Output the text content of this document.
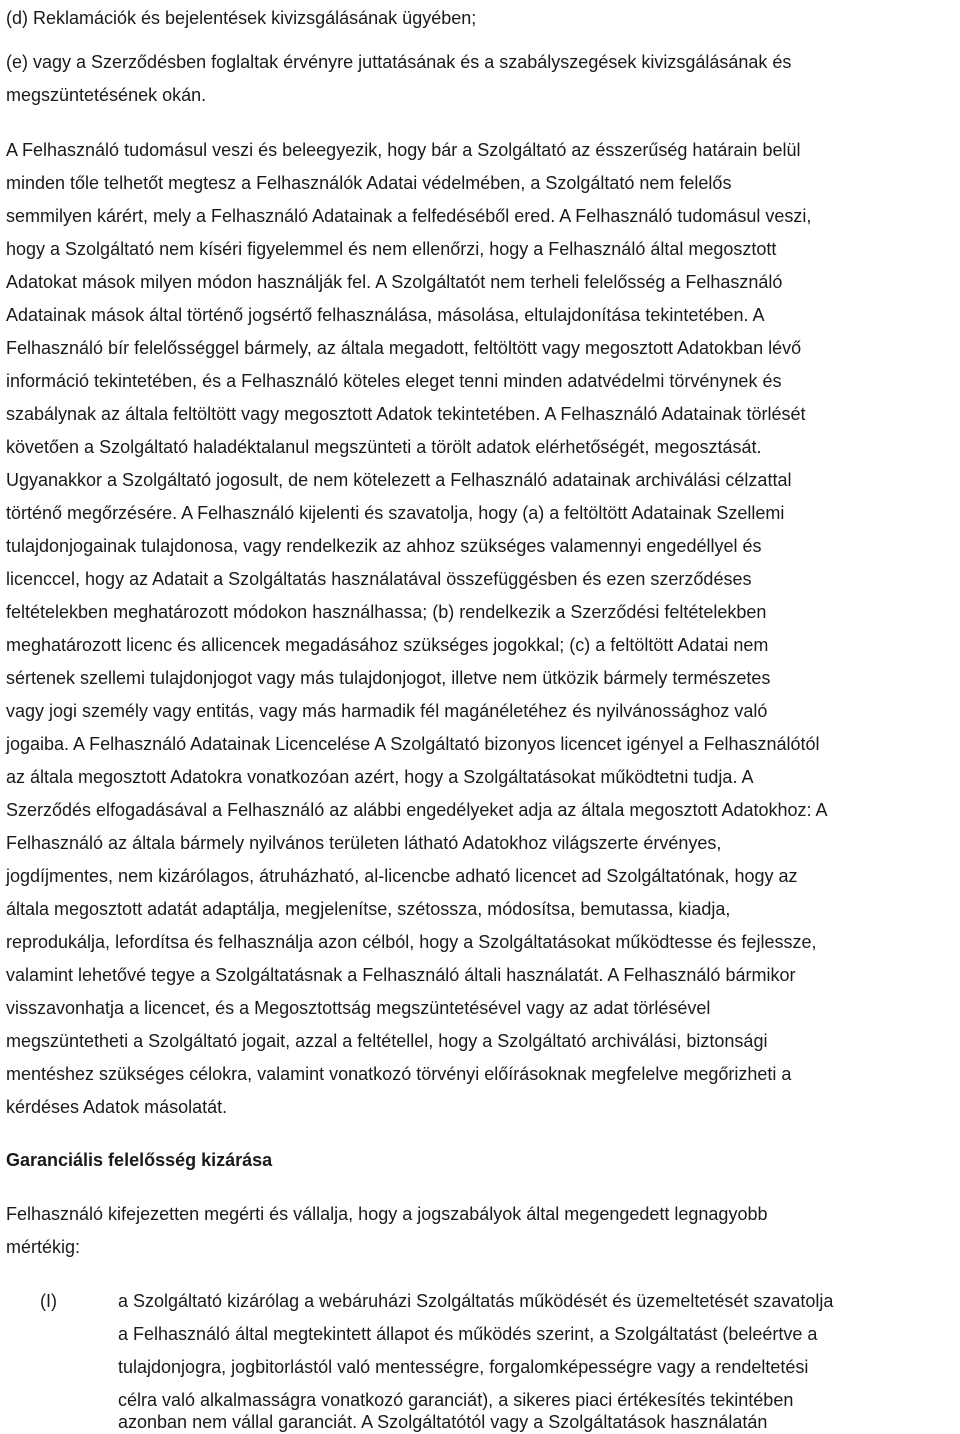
(d) Reklamációk és bejelentések kivizsgálásának ügyében;
(e) vagy a Szerződésben foglaltak érvényre juttatásának és a szabályszegések kivizsgálásának és
megszüntetésének okán.
A Felhasználó tudomásul veszi és beleegyezik, hogy bár a Szolgáltató az ésszerűség határain belül
minden tőle telhetőt megtesz a Felhasználók Adatai védelmében, a Szolgáltató nem felelős
semmilyen kárért, mely a Felhasználó Adatainak a felfedéséből ered. A Felhasználó tudomásul veszi,
hogy a Szolgáltató nem kíséri figyelemmel és nem ellenőrzi, hogy a Felhasználó által megosztott
Adatokat mások milyen módon használják fel. A Szolgáltatót nem terheli felelősség a Felhasználó
Adatainak mások által történő jogsértő felhasználása, másolása, eltulajdonítása tekintetében. A
Felhasználó bír felelősséggel bármely, az általa megadott, feltöltött vagy megosztott Adatokban lévő
információ tekintetében, és a Felhasználó köteles eleget tenni minden adatvédelmi törvénynek és
szabálynak az általa feltöltött vagy megosztott Adatok tekintetében. A Felhasználó Adatainak törlését
követően a Szolgáltató haladéktalanul megszünteti a törölt adatok elérhetőségét, megosztását.
Ugyanakkor a Szolgáltató jogosult, de nem kötelezett a Felhasználó adatainak archiválási célzattal
történő megőrzésére. A Felhasználó kijelenti és szavatolja, hogy (a) a feltöltött Adatainak Szellemi
tulajdonjogainak tulajdonosa, vagy rendelkezik az ahhoz szükséges valamennyi engedéllyel és
licenccel, hogy az Adatait a Szolgáltatás használatával összefüggésben és ezen szerződéses
feltételekben meghatározott módokon használhassa; (b) rendelkezik a Szerződési feltételekben
meghatározott licenc és allicencek megadásához szükséges jogokkal; (c) a feltöltött Adatai nem
sértenek szellemi tulajdonjogot vagy más tulajdonjogot, illetve nem ütközik bármely természetes
vagy jogi személy vagy entitás, vagy más harmadik fél magánéletéhez és nyilvánossághoz való
jogaiba. A Felhasználó Adatainak Licencelése A Szolgáltató bizonyos licencet igényel a Felhasználótól
az általa megosztott Adatokra vonatkozóan azért, hogy a Szolgáltatásokat működtetni tudja. A
Szerződés elfogadásával a Felhasználó az alábbi engedélyeket adja az általa megosztott Adatokhoz: A
Felhasználó az általa bármely nyilvános területen látható Adatokhoz világszerte érvényes,
jogdíjmentes, nem kizárólagos, átruházható, al-licencbe adható licencet ad Szolgáltatónak, hogy az
általa megosztott adatát adaptálja, megjelenítse, szétossza, módosítsa, bemutassa, kiadja,
reprodukálja, lefordítsa és felhasználja azon célból, hogy a Szolgáltatásokat működtesse és fejlessze,
valamint lehetővé tegye a Szolgáltatásnak a Felhasználó általi használatát. A Felhasználó bármikor
visszavonhatja a licencet, és a Megosztottság megszüntetésével vagy az adat törlésével
megszüntetheti a Szolgáltató jogait, azzal a feltétellel, hogy a Szolgáltató archiválási, biztonsági
mentéshez szükséges célokra, valamint vonatkozó törvényi előírásoknak megfelelve megőrizheti a
kérdéses Adatok másolatát.
Garanciális felelősség kizárása
Felhasználó kifejezetten megérti és vállalja, hogy a jogszabályok által megengedett legnagyobb
mértékig:
(I)	a Szolgáltató kizárólag a webáruházi Szolgáltatás működését és üzemeltetését szavatolja
a Felhasználó által megtekintett állapot és működés szerint, a Szolgáltatást (beleértve a
tulajdonjogra, jogbitorlástól való mentességre, forgalomképességre vagy a rendeltetési
célra való alkalmasságra vonatkozó garanciát), a sikeres piaci értékesítés tekintében
azonban nem vállal garanciát. A Szolgáltatótól vagy a Szolgáltatások használatán
